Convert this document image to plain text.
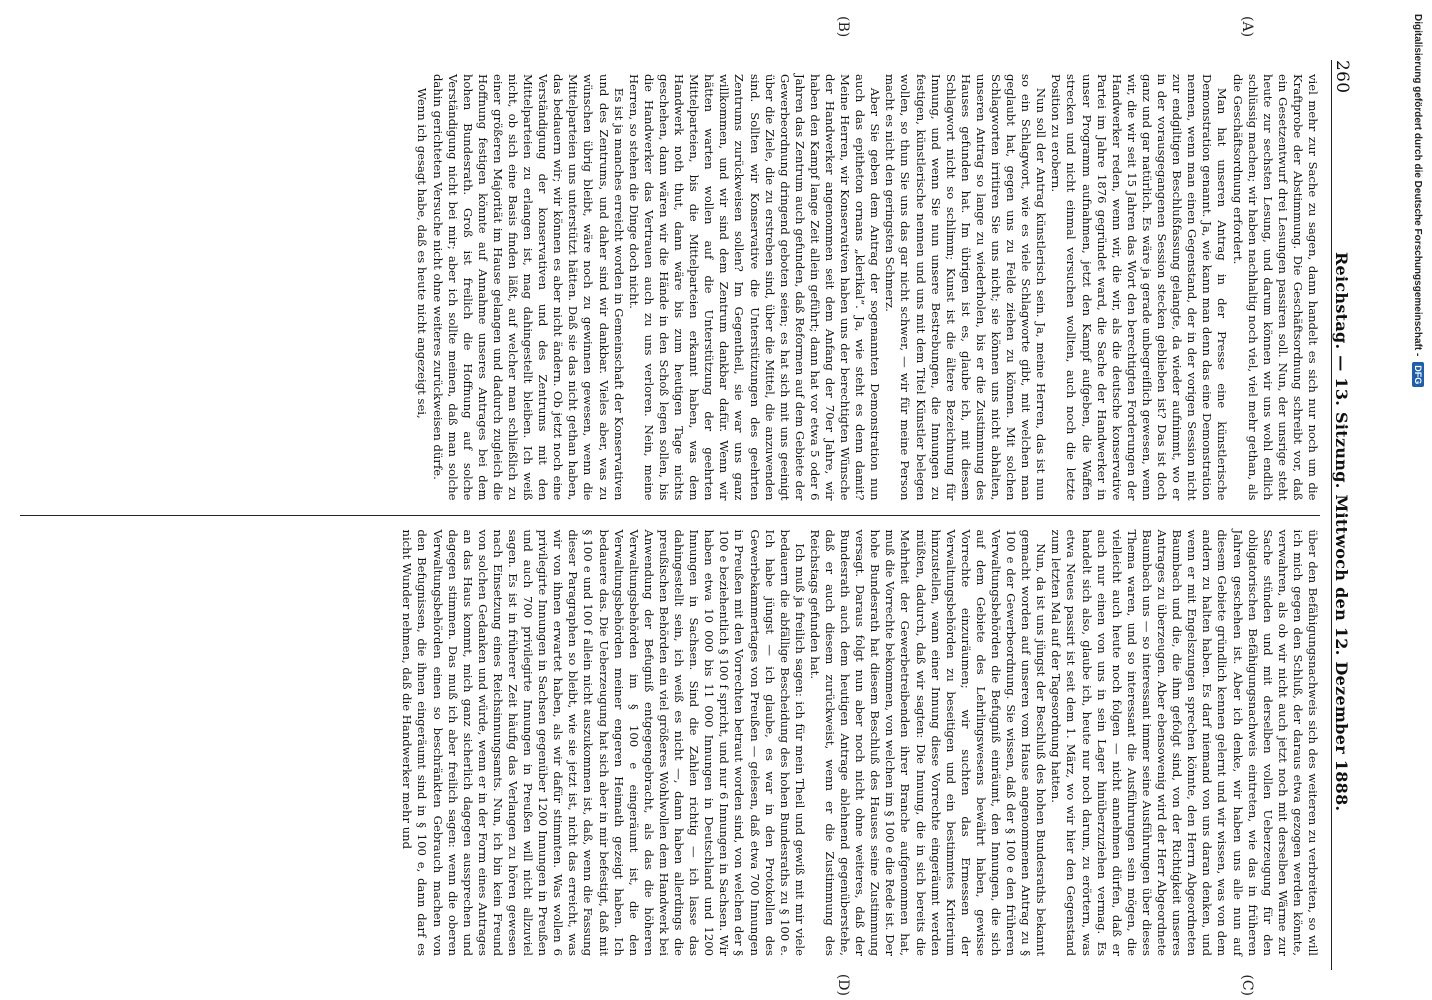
260
Reichstag. — 13. Sitzung. Mittwoch den 12. Dezember 1888.
(A)
(B)

viel mehr zur Sache zu sagen, dann handelt es sich nur noch um die Kraftprobe der Abstimmung. Die Geschäftsordnung schreibt vor, daß ein Gesetzentwurf drei Lesungen passiren soll. Nun, der unsrige steht heute zur sechsten Lesung, und darum können wir uns wohl endlich schlüssig machen; wir haben nachhaltig noch viel, viel mehr gethan, als die Geschäftsordnung erfordert.

Man hat unseren Antrag in der Presse eine künstlerische Demonstration genannt. Ja, wie kann man denn das eine Demonstration nennen, wenn man einen Gegenstand, der in der vorigen Session nicht zur endgiltigen Beschlußfassung gelangte, da wieder aufnimmt, wo er in der vorausgegangenen Session stecken geblieben ist? Das ist doch ganz und gar natürlich. Es wäre ja gerade unbegreiflich gewesen, wenn wir, die wir seit 15 Jahren das Wort den berechtigten Forderungen der Handwerker reden, wenn wir, die wir, als die deutsche konservative Partei im Jahre 1876 gegründet ward, die Sache der Handwerker in unser Programm aufnahmen, jetzt den Kampf aufgeben, die Waffen strecken und nicht einmal versuchen wollten, auch noch die letzte Position zu erobern.

Nun soll der Antrag künstlerisch sein. Ja, meine Herren, das ist nun so ein Schlagwort, wie es viele Schlagworte gibt, mit welchen man geglaubt hat, gegen uns zu Felde ziehen zu können. Mit solchen Schlagworten irritiren Sie uns nicht; sie können uns nicht abhalten, unseren Antrag so lange zu wiederholen, bis er die Zustimmung des Hauses gefunden hat. Im übrigen ist es, glaube ich, mit diesem Schlagwort nicht so schlimm; Kunst ist die ältere Bezeichnung für Innung, und wenn Sie nun unsere Bestrebungen, die Innungen zu festigen, künstlerische nennen und uns mit dem Titel Künstler belegen wollen, so thun Sie uns das gar nicht schwer, — wir für meine Person macht es nicht den geringsten Schmerz.

Aber Sie geben dem Antrag der sogenannten Demonstration nun auch das epitheton ornans „klerikal“. Ja, wie steht es denn damit? Meine Herren, wir Konservativen haben uns der berechtigten Wünsche der Handwerker angenommen seit dem Anfang der 70er Jahre, wir haben den Kampf lange Zeit allein geführt; dann hat vor etwa 5 oder 6 Jahren das Zentrum auch gefunden, daß Reformen auf dem Gebiete der Gewerbeordnung dringend geboten seien; es hat sich mit uns geeinigt über die Ziele, die zu erstreben sind, über die Mittel, die anzuwenden sind. Sollten wir Konservative die Unterstützungen des geehrten Zentrums zurückweisen sollen? Im Gegentheil, sie war uns ganz willkommen, und wir sind dem Zentrum dankbar dafür. Wenn wir hätten warten wollen auf die Unterstützung der geehrten Mittelparteien, bis die Mittelparteien erkannt haben, was dem Handwerk noth thut, dann wäre bis zum heutigen Tage nichts geschehen, dann wären wir die Hände in den Schoß legen sollen, bis die Handwerker das Vertrauen auch zu uns verloren. Nein, meine Herren, so stehen die Dinge doch nicht.

Es ist ja manches erreicht worden in Gemeinschaft der Konservativen und des Zentrums, und daher sind wir dankbar. Vieles aber, was zu wünschen übrig bleibt, wäre noch zu gewinnen gewesen, wenn die Mittelparteien uns unterstützt hätten. Daß sie das nicht gethan haben, das bedauern wir; wir können es aber nicht ändern. Ob jetzt noch eine Verständigung der konservativen und des Zentrums mit den Mittelparteien zu erlangen ist, mag dahingestellt bleiben. Ich weiß nicht, ob sich eine Basis finden läßt, auf welcher man schließlich zu einer größeren Majorität im Hause gelangen und dadurch zugleich die Hoffnung festigen könnte auf Annahme unseres Antrages bei dem hohen Bundesrath. Groß ist freilich die Hoffnung auf solche Verständigung nicht bei mir; aber ich sollte meinen, daß man solche dahin gerichteten Versuche nicht ohne weiteres zurückweisen dürfe.

Wenn ich gesagt habe, daß es heute nicht angezeigt sei,

(C)
(D)

über den Befähigungsnachweis sich des weiteren zu verbreiten, so will ich mich gegen den Schluß, der daraus etwa gezogen werden könnte, verwahren, als ob wir nicht auch jetzt noch mit derselben Wärme zur Sache stünden und mit derselben vollen Ueberzeugung für den obligatorischen Befähigungsnachweis eintreten, wie das in früheren Jahren geschehen ist. Aber ich denke, wir haben uns alle nun auf diesem Gebiete gründlich kennen gelernt und wir wissen, was von dem andern zu halten haben. Es darf niemand von uns daran denken, und wenn er mit Engelszungen sprechen könnte, den Herrn Abgeordneten Baumbach und die, die ihm gefolgt sind, von der Richtigkeit unseres Antrages zu überzeugen. Aber ebensowenig wird der Herr Abgeordnete Baumbach uns — so interessant immer seine Ausführungen über dieses Thema waren, und so interessant die Ausführungen sein mögen, die vielleicht auch heute noch folgen — nicht annehmen dürfen, daß er auch nur einen von uns in sein Lager hinüberzuziehen vermag. Es handelt sich also, glaube ich, heute nur noch darum, zu erörtern, was etwa Neues passirt ist seit dem 1. März, wo wir hier den Gegenstand zum letzten Mal auf der Tagesordnung hatten.

Nun, da ist uns jüngst der Beschluß des hohen Bundesraths bekannt gemacht worden auf unseren vom Hause angenommenen Antrag zu § 100 e der Gewerbeordnung. Sie wissen, daß der § 100 e den früheren Verwaltungsbehörden die Befugniß einräumt, den Innungen, die sich auf dem Gebiete des Lehrlingswesens bewährt haben, gewisse Vorrechte einzuräumen; wir suchten das Ermessen der Verwaltungsbehörden zu beseitigen und ein bestimmtes Kriterium hinzustellen, wann einer Innung diese Vorrechte eingeräumt werden müßten, dadurch, daß wir sagten: Die Innung, die in sich bereits die Mehrheit der Gewerbetreibenden ihrer Branche aufgenommen hat, muß die Vorrechte bekommen, von welchen im § 100 e die Rede ist. Der hohe Bundesrath hat diesem Beschluß des Hauses seine Zustimmung versagt. Daraus folgt nun aber noch nicht ohne weiteres, daß der Bundesrath auch dem heutigen Antrage ablehnend gegenüberstehe, daß er auch diesem zurückweist, wenn er die Zustimmung des Reichstags gefunden hat.

Ich muß ja freilich sagen: ich für mein Theil und gewiß mit mir viele bedauern die abfällige Bescheidung des hohen Bundesraths zu § 100 e. Ich habe jüngst — ich glaube, es war in den Protokollen des Gewerbekammertages von Preußen — gelesen, daß etwa 700 Innungen in Preußen mit den Vorrechten betraut worden sind, von welchen der § 100 e beziehentlich § 100 f spricht, und nur 6 Innungen in Sachsen. Wir haben etwa 10 000 bis 11 000 Innungen in Deutschland und 1200 Innungen in Sachsen. Sind die Zahlen richtig — ich lasse das dahingestellt sein, ich weiß es nicht —, dann haben allerdings die preußischen Behörden ein viel größeres Wohlwollen dem Handwerk bei Anwendung der Befugniß entgegengebracht, als das die höheren Verwaltungsbehörden im § 100 e eingeräumt ist, die den Verwaltungsbehörden meiner engeren Heimath gezeigt haben. Ich bedauere das. Die Ueberzeugung hat sich aber in mir befestigt, daß mit § 100 e und 100 f allein nicht auszukommen ist, daß, wenn die Fassung dieser Paragraphen so bleibt, wie sie jetzt ist, nicht das erreicht, was wir von ihnen erwartet haben, als wir dafür stimmten. Was wollen 6 privilegirte Innungen in Sachsen gegenüber 1200 Innungen in Preußen und auch 700 privilegirte Innungen in Preußen will nicht allzuviel sagen. Es ist in früherer Zeit häufig das Verlangen zu hören gewesen nach Einsetzung eines Reichsinnungsamts. Nun, ich bin kein Freund von solchen Gedanken und würde, wenn er in der Form eines Antrages an das Haus kommt, mich ganz sicherlich dagegen aussprechen und dagegen stimmen. Das muß ich aber freilich sagen: wenn die oberen Verwaltungsbehörden einen so beschränkten Gebrauch machen von den Befugnissen, die ihnen eingeräumt sind in § 100 e, dann darf es nicht Wunder nehmen, daß die Handwerker mehr und

Digitalisierung gefördert durch die Deutsche Forschungsgemeinschaft -
DFG
